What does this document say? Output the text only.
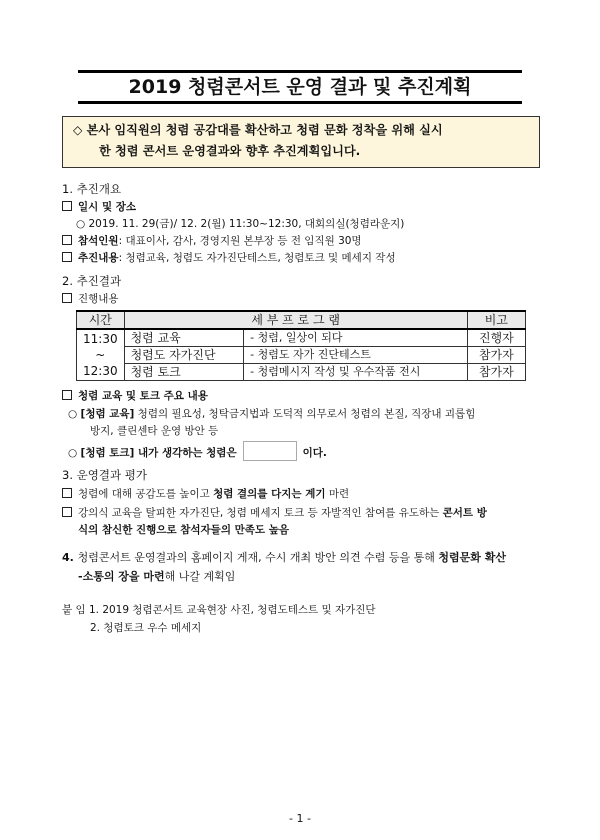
2019 청렴콘서트 운영 결과 및 추진계획
◇ 본사 임직원의 청렴 공감대를 확산하고 청렴 문화 정착을 위해 실시
한 청렴 콘서트 운영결과와 향후 추진계획입니다.
1. 추진개요
일시 및 장소
○ 2019. 11. 29(금)/ 12. 2(월) 11:30~12:30, 대회의실(청렴라운지)
참석인원: 대표이사, 감사, 경영지원 본부장 등 전 임직원 30명
추진내용: 청렴교육, 청렴도 자가진단테스트, 청렴토크 및 메세지 작성
2. 추진결과
진행내용
시간	세 부 프 로 그 램		비고

11:30
~
12:30	청렴 교육	- 청렴, 일상이 되다	진행자
	청렴도 자가진단	- 청렴도 자가 진단테스트	참가자
	청렴 토크	- 청렴메시지 작성 및 우수작품 전시	참가자
청렴 교육 및 토크 주요 내용
○ [청렴 교육] 청렴의 필요성, 청탁금지법과 도덕적 의무로서 청렴의 본질, 직장내 괴롭힘
방지, 클린센타 운영 방안 등
○ [청렴 토크] 내가 생각하는 청렴은	이다.
3. 운영결과 평가
청렴에 대해 공감도를 높이고 청렴 결의를 다지는 계기 마련
강의식 교육을 탈피한 자가진단, 청렴 메세지 토크 등 자발적인 참여를 유도하는 콘서트 방
식의 참신한 진행으로 참석자들의 만족도 높음
4. 청렴콘서트 운영결과의 홈페이지 게재, 수시 개최 방안 의견 수렴 등을 통해 청렴문화 확산
-소통의 장을 마련해 나갈 계획임
붙 임 1. 2019 청렴콘서트 교육현장 사진, 청렴도테스트 및 자가진단
2. 청렴토크 우수 메세지
- 1 -
